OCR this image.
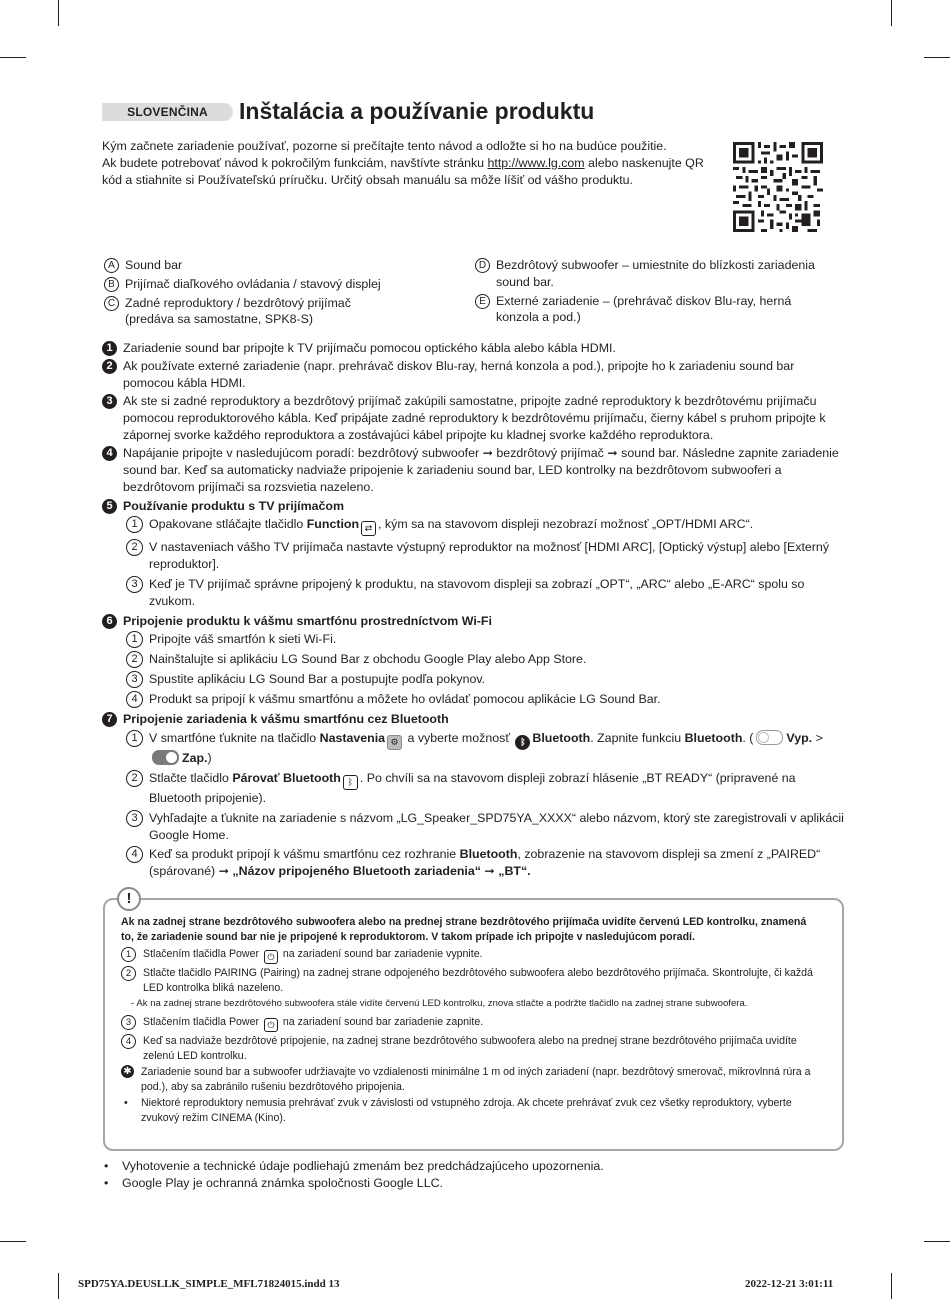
SLOVENČINA	Inštalácia a používanie produktu

Kým začnete zariadenie používať, pozorne si prečítajte tento návod a odložte si ho na budúce použitie.

Ak budete potrebovať návod k pokročilým funkciám, navštívte stránku http://www.lg.com alebo naskenujte QR kód a stiahnite si Používateľskú príručku. Určitý obsah manuálu sa môže líšiť od vášho produktu.

A Sound bar
B Prijímač diaľkového ovládania / stavový displej
C Zadné reproduktory / bezdrôtový prijímač (predáva sa samostatne, SPK8-S)
D Bezdrôtový subwoofer – umiestnite do blízkosti zariadenia sound bar.
E Externé zariadenie – (prehrávač diskov Blu-ray, herná konzola a pod.)
1 Zariadenie sound bar pripojte k TV prijímaču pomocou optického kábla alebo kábla HDMI.
2 Ak používate externé zariadenie (napr. prehrávač diskov Blu-ray, herná konzola a pod.), pripojte ho k zariadeniu sound bar pomocou kábla HDMI.
3 Ak ste si zadné reproduktory a bezdrôtový prijímač zakúpili samostatne, pripojte zadné reproduktory k bezdrôtovému prijímaču pomocou reproduktorového kábla. Keď pripájate zadné reproduktory k bezdrôtovému prijímaču, čierny kábel s pruhom pripojte k zápornej svorke každého reproduktora a zostávajúci kábel pripojte ku kladnej svorke každého reproduktora.
4 Napájanie pripojte v nasledujúcom poradí: bezdrôtový subwoofer ➞ bezdrôtový prijímač ➞ sound bar. Následne zapnite zariadenie sound bar. Keď sa automaticky nadviaže pripojenie k zariadeniu sound bar, LED kontrolky na bezdrôtovom subwooferi a bezdrôtovom prijímači sa rozsvietia nazeleno.
5 Používanie produktu s TV prijímačom
1 Opakovane stláčajte tlačidlo Function ⇄ , kým sa na stavovom displeji nezobrazí možnosť „OPT/HDMI ARC“.
2 V nastaveniach vášho TV prijímača nastavte výstupný reproduktor na možnosť [HDMI ARC], [Optický výstup] alebo [Externý reproduktor].
3 Keď je TV prijímač správne pripojený k produktu, na stavovom displeji sa zobrazí „OPT“, „ARC“ alebo „E-ARC“ spolu so zvukom.
6 Pripojenie produktu k vášmu smartfónu prostredníctvom Wi-Fi
1 Pripojte váš smartfón k sieti Wi-Fi.
2 Nainštalujte si aplikáciu LG Sound Bar z obchodu Google Play alebo App Store.
3 Spustite aplikáciu LG Sound Bar a postupujte podľa pokynov.
4 Produkt sa pripojí k vášmu smartfónu a môžete ho ovládať pomocou aplikácie LG Sound Bar.
7 Pripojenie zariadenia k vášmu smartfónu cez Bluetooth
1 V smartfóne ťuknite na tlačidlo Nastavenia ⚙ a vyberte možnosť ᛒ Bluetooth. Zapnite funkciu Bluetooth. (	Vyp. > Zap.)
2 Stlačte tlačidlo Párovať Bluetooth ᛒ . Po chvíli sa na stavovom displeji zobrazí hlásenie „BT READY“ (pripravené na Bluetooth pripojenie).
3 Vyhľadajte a ťuknite na zariadenie s názvom „LG_Speaker_SPD75YA_XXXX“ alebo názvom, ktorý ste zaregistrovali v aplikácii Google Home.
4 Keď sa produkt pripojí k vášmu smartfónu cez rozhranie Bluetooth, zobrazenie na stavovom displeji sa zmení z „PAIRED“ (spárované) ➞ „Názov pripojeného Bluetooth zariadenia“ ➞ „BT“.
!
Ak na zadnej strane bezdrôtového subwoofera alebo na prednej strane bezdrôtového prijímača uvidíte červenú LED kontrolku, znamená to, že zariadenie sound bar nie je pripojené k reproduktorom. V takom prípade ich pripojte v nasledujúcom poradí.
1	Stlačením tlačidla Power ⏻ na zariadení sound bar zariadenie vypnite.
2	Stlačte tlačidlo PAIRING (Pairing) na zadnej strane odpojeného bezdrôtového subwoofera alebo bezdrôtového prijímača. Skontrolujte, či každá LED kontrolka bliká nazeleno.
- Ak na zadnej strane bezdrôtového subwoofera stále vidíte červenú LED kontrolku, znova stlačte a podržte tlačidlo na zadnej strane subwoofera.
3	Stlačením tlačidla Power ⏻ na zariadení sound bar zariadenie zapnite.
4	Keď sa nadviaže bezdrôtové pripojenie, na zadnej strane bezdrôtového subwoofera alebo na prednej strane bezdrôtového prijímača uvidíte zelenú LED kontrolku.
✱ Zariadenie sound bar a subwoofer udržiavajte vo vzdialenosti minimálne 1 m od iných zariadení (napr. bezdrôtový smerovač, mikrovlnná rúra a pod.), aby sa zabránilo rušeniu bezdrôtového pripojenia.
•	Niektoré reproduktory nemusia prehrávať zvuk v závislosti od vstupného zdroja. Ak chcete prehrávať zvuk cez všetky reproduktory, vyberte zvukový režim CINEMA (Kino).
•	Vyhotovenie a technické údaje podliehajú zmenám bez predchádzajúceho upozornenia.
•	Google Play je ochranná známka spoločnosti Google LLC.
SPD75YA.DEUSLLK_SIMPLE_MFL71824015.indd 13	2022-12-21 3:01:11
